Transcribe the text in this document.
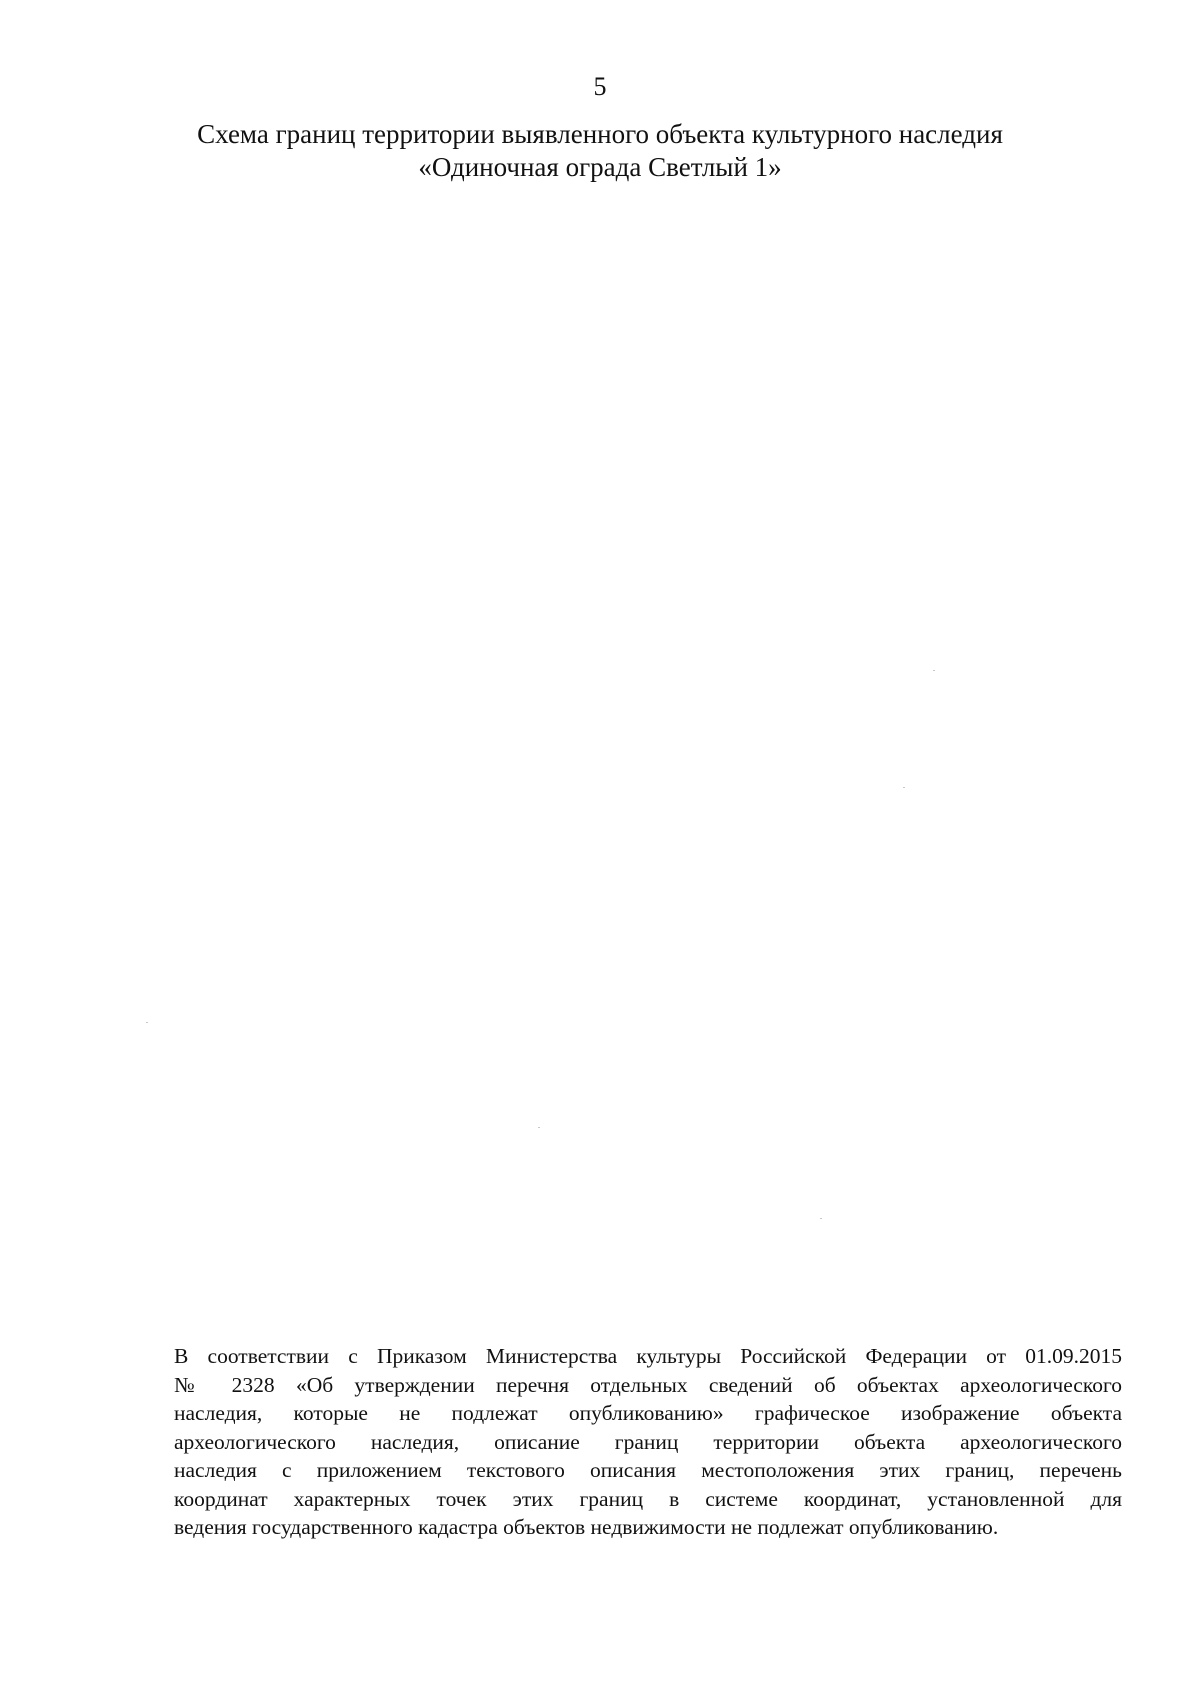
5
Схема границ территории выявленного объекта культурного наследия
«Одиночная ограда Светлый 1»
В соответствии с Приказом Министерства культуры Российской Федерации от 01.09.2015
№ 2328 «Об утверждении перечня отдельных сведений об объектах археологического
наследия, которые не подлежат опубликованию» графическое изображение объекта
археологического наследия, описание границ территории объекта археологического
наследия с приложением текстового описания местоположения этих границ, перечень
координат характерных точек этих границ в системе координат, установленной для
ведения государственного кадастра объектов недвижимости не подлежат опубликованию.
